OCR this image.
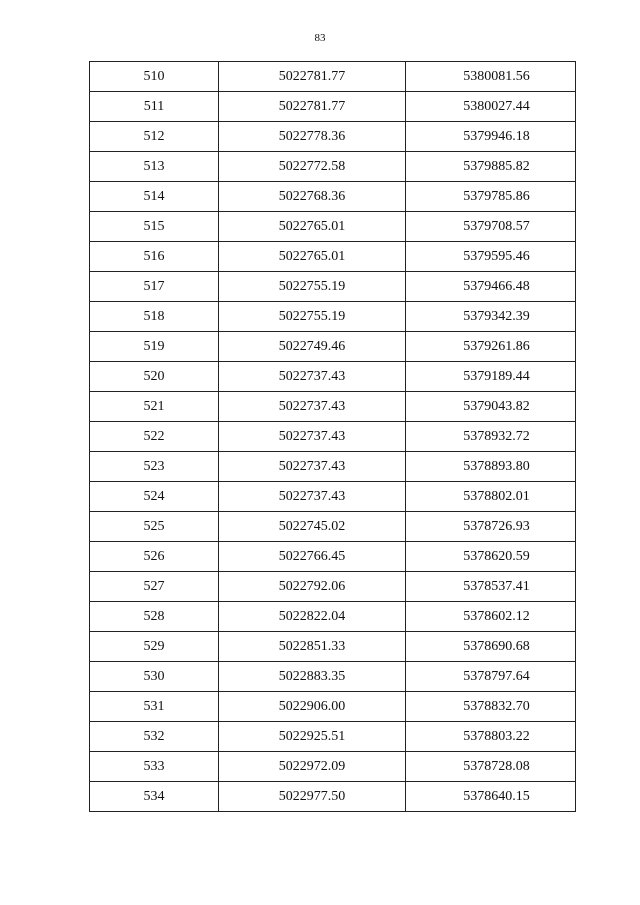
83
510	5022781.77	5380081.56
511	5022781.77	5380027.44
512	5022778.36	5379946.18
513	5022772.58	5379885.82
514	5022768.36	5379785.86
515	5022765.01	5379708.57
516	5022765.01	5379595.46
517	5022755.19	5379466.48
518	5022755.19	5379342.39
519	5022749.46	5379261.86
520	5022737.43	5379189.44
521	5022737.43	5379043.82
522	5022737.43	5378932.72
523	5022737.43	5378893.80
524	5022737.43	5378802.01
525	5022745.02	5378726.93
526	5022766.45	5378620.59
527	5022792.06	5378537.41
528	5022822.04	5378602.12
529	5022851.33	5378690.68
530	5022883.35	5378797.64
531	5022906.00	5378832.70
532	5022925.51	5378803.22
533	5022972.09	5378728.08
534	5022977.50	5378640.15
